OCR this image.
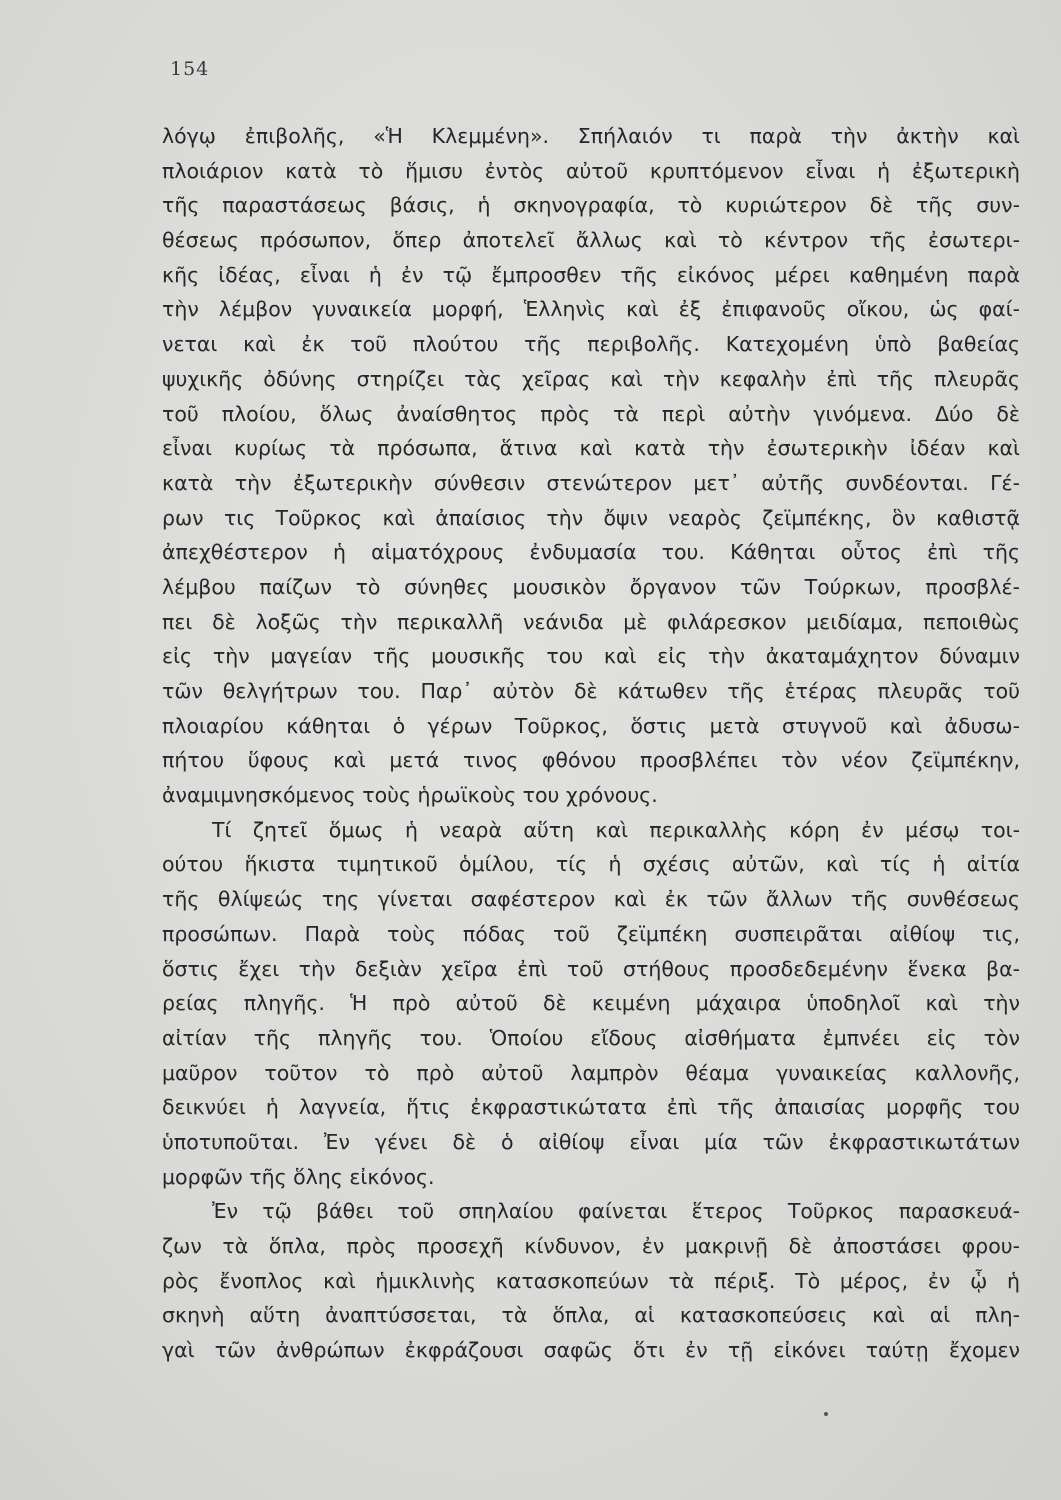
154
λόγῳ ἐπιβολῆς, «Ἡ Κλεμμένη». Σπήλαιόν τι παρὰ τὴν ἀκτὴν καὶ
πλοιάριον κατὰ τὸ ἥμισυ ἐντὸς αὐτοῦ κρυπτόμενον εἶναι ἡ ἐξωτερικὴ
τῆς παραστάσεως βάσις, ἡ σκηνογραφία, τὸ κυριώτερον δὲ τῆς συν-
θέσεως πρόσωπον, ὅπερ ἀποτελεῖ ἄλλως καὶ τὸ κέντρον τῆς ἐσωτερι-
κῆς ἰδέας, εἶναι ἡ ἐν τῷ ἔμπροσθεν τῆς εἰκόνος μέρει καθημένη παρὰ
τὴν λέμβον γυναικεία μορφή, Ἑλληνὶς καὶ ἐξ ἐπιφανοῦς οἴκου, ὡς φαί-
νεται καὶ ἐκ τοῦ πλούτου τῆς περιβολῆς. Κατεχομένη ὑπὸ βαθείας
ψυχικῆς ὀδύνης στηρίζει τὰς χεῖρας καὶ τὴν κεφαλὴν ἐπὶ τῆς πλευρᾶς
τοῦ πλοίου, ὅλως ἀναίσθητος πρὸς τὰ περὶ αὐτὴν γινόμενα. Δύο δὲ
εἶναι κυρίως τὰ πρόσωπα, ἅτινα καὶ κατὰ τὴν ἐσωτερικὴν ἰδέαν καὶ
κατὰ τὴν ἐξωτερικὴν σύνθεσιν στενώτερον μετ᾽ αὐτῆς συνδέονται. Γέ-
ρων τις Τοῦρκος καὶ ἀπαίσιος τὴν ὄψιν νεαρὸς ζεϊμπέκης, ὃν καθιστᾷ
ἀπεχθέστερον ἡ αἱματόχρους ἐνδυμασία του. Κάθηται οὗτος ἐπὶ τῆς
λέμβου παίζων τὸ σύνηθες μουσικὸν ὄργανον τῶν Τούρκων, προσβλέ-
πει δὲ λοξῶς τὴν περικαλλῆ νεάνιδα μὲ φιλάρεσκον μειδίαμα, πεποιθὼς
εἰς τὴν μαγείαν τῆς μουσικῆς του καὶ εἰς τὴν ἀκαταμάχητον δύναμιν
τῶν θελγήτρων του. Παρ᾽ αὐτὸν δὲ κάτωθεν τῆς ἑτέρας πλευρᾶς τοῦ
πλοιαρίου κάθηται ὁ γέρων Τοῦρκος, ὅστις μετὰ στυγνοῦ καὶ ἀδυσω-
πήτου ὕφους καὶ μετά τινος φθόνου προσβλέπει τὸν νέον ζεϊμπέκην,
ἀναμιμνησκόμενος τοὺς ἡρωϊκοὺς του χρόνους.
Τί ζητεῖ ὅμως ἡ νεαρὰ αὕτη καὶ περικαλλὴς κόρη ἐν μέσῳ τοι-
ούτου ἥκιστα τιμητικοῦ ὁμίλου, τίς ἡ σχέσις αὐτῶν, καὶ τίς ἡ αἰτία
τῆς θλίψεώς της γίνεται σαφέστερον καὶ ἐκ τῶν ἄλλων τῆς συνθέσεως
προσώπων. Παρὰ τοὺς πόδας τοῦ ζεϊμπέκη συσπειρᾶται αἰθίοψ τις,
ὅστις ἔχει τὴν δεξιὰν χεῖρα ἐπὶ τοῦ στήθους προσδεδεμένην ἕνεκα βα-
ρείας πληγῆς. Ἡ πρὸ αὐτοῦ δὲ κειμένη μάχαιρα ὑποδηλοῖ καὶ τὴν
αἰτίαν τῆς πληγῆς του. Ὁποίου εἴδους αἰσθήματα ἐμπνέει εἰς τὸν
μαῦρον τοῦτον τὸ πρὸ αὐτοῦ λαμπρὸν θέαμα γυναικείας καλλονῆς,
δεικνύει ἡ λαγνεία, ἥτις ἐκφραστικώτατα ἐπὶ τῆς ἀπαισίας μορφῆς του
ὑποτυποῦται. Ἐν γένει δὲ ὁ αἰθίοψ εἶναι μία τῶν ἐκφραστικωτάτων
μορφῶν τῆς ὅλης εἰκόνος.
Ἐν τῷ βάθει τοῦ σπηλαίου φαίνεται ἕτερος Τοῦρκος παρασκευά-
ζων τὰ ὅπλα, πρὸς προσεχῆ κίνδυνον, ἐν μακρινῇ δὲ ἀποστάσει φρου-
ρὸς ἔνοπλος καὶ ἡμικλινὴς κατασκοπεύων τὰ πέριξ. Τὸ μέρος, ἐν ᾧ ἡ
σκηνὴ αὕτη ἀναπτύσσεται, τὰ ὅπλα, αἱ κατασκοπεύσεις καὶ αἱ πλη-
γαὶ τῶν ἀνθρώπων ἐκφράζουσι σαφῶς ὅτι ἐν τῇ εἰκόνει ταύτῃ ἔχομεν
